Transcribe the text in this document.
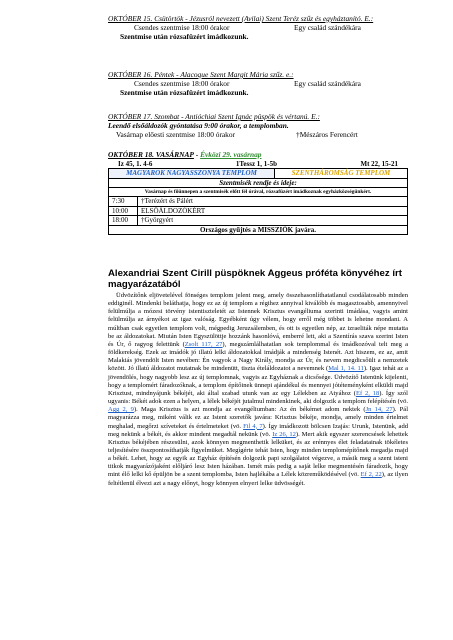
OKTÓBER 15. Csütörtök - Jézusról nevezett (Avilai) Szent Teréz szűz és egyháztanító. E.:
Csendes szentmise 18:00 órakor	Egy család szándékára
Szentmise után rózsafüzért imádkozunk.
OKTÓBER 16. Péntek - Alacoque Szent Margit Mária szűz. e.:
Csendes szentmise 18:00 órakor	Egy család szándékára
Szentmise után rózsafüzért imádkozunk.
OKTÓBER 17. Szombat - Antióchiai Szent Ignác püspök és vértanú. E.:
Leendő elsőáldozók gyóntatása 9:00 órakor, a templomban.
Vasárnap előesti szentmise 18:00 órakor	†Mészáros Ferencért
OKTÓBER 18. VASÁRNAP - Évközi 29. vasárnap
Iz 45, 1. 4-6	1Tessz 1, 1-5b	Mt 22, 15-21
MAGYAROK NAGYASSZONYA TEMPLOM		SZENTHÁROMSÁG TEMPLOM
Szentmisék rendje és ideje:		
Vasárnap és főünnepen a szentmisék előtt fél órával, rózsafüzért imádkoznak egyházközségünkért.		
7:30	†Terézért és Pálért	
10:00	ELSŐÁLDOZÓKÉRT	
18:00	†Györgyért	
Országos gyűjtés a MISSZIÓK javára.		
Alexandriai Szent Cirill püspöknek Aggeus próféta könyvéhez írt magyarázatából
Üdvözítőnk eljövetelével fönséges templom jelent meg, amely összehasonlíthatatlanul csodálatosabb minden eddiginél. Mindenki beláthatja, hogy ez az új templom a régihez annyival kiválóbb és magasztosabb, amennyivel felülmúlja a mózesi törvény istentiszteletét az Istennek Krisztus evangéliuma szerinti imádása, vagyis amint felülmúlja az árnyékot az igaz valóság. Egyébként úgy vélem, hogy erről még többet is lehetne mondani. A múltban csak egyetlen templom volt, mégpedig Jeruzsálemben, és ott is egyetlen nép, az izraeliták népe mutatta be az áldozatokat. Miután Isten Egyszülöttje hozzánk hasonlóvá, emberré lett, aki a Szentírás szava szerint Isten és Úr, ő ragyog felettünk (Zsolt 117, 27), megszámlálhatatlan sok templommal és imádkozóval telt meg a földkerekség. Ezek az imádók jó illatú lelki áldozatokkal imádják a mindenség Istenét. Azt hiszem, ez az, amit Malakiás jövendölt Isten nevében: Én vagyok a Nagy Király, mondja az Úr, és nevem megdicsőült a nemzetek között. Jó illatú áldozatot mutatnak be mindenütt, tiszta ételáldozatot a nevemnek (Mal 1, 14. 11). Igaz tehát az a jövendölés, hogy nagyobb lesz az új templomnak, vagyis az Egyháznak a dicsősége. Üdvözítő Istenünk kijelenti, hogy a templomért fáradozóknak, a templom építőinek ünnepi ajándékul és mennyei jótéteményként elküldi majd Krisztust, mindnyájunk békéjét, aki által szabad utunk van az egy Lélekben az Atyához (Ef 2, 18). Így szól ugyanis: Békét adok ezen a helyen, a lélek békéjét jutalmul mindenkinek, aki dolgozik a templom felépítésén (vö. Agg 2, 9). Maga Krisztus is azt mondja az evangéliumban: Az én békémet adom nektek (Jn 14, 27). Pál magyarázza meg, miként válik ez az Istent szeretők javára: Krisztus békéje, mondja, amely minden értelmet meghalad, megőrzi szíveteket és értelmeteket (vö. Fil 4, 7). Így imádkozott bölcsen Izajás: Urunk, Istenünk, add meg nekünk a békét, és akkor mindent megadtál nekünk (vö. Iz 26, 12). Mert akik egyszer szerencsések lehettek Krisztus békéjében részesülni, azok könnyen megmenthetik lelküket, és az erénnyes élet feladatainak tökéletes teljesítésére összpontosíthatják figyelmüket. Megígérte tehát Isten, hogy minden templomépítőnek megadja majd a békét. Lehet, hogy az egyik az Egyház építésén dolgozik papi szolgálatot végezve, a másik meg a szent isteni titkok magyarázójaként előljáró lesz Isten házában. Ismét más pedig a saját lelke megmentésén fáradozik, hogy mint élő lelki kő épüljön be a szent templomba, Isten hajlékába a Lélek közreműködésével (vö. Ef 2, 22), az ilyen feltétlenül élvezi azt a nagy előnyt, hogy könnyen elnyeri lelke üdvösségét.
